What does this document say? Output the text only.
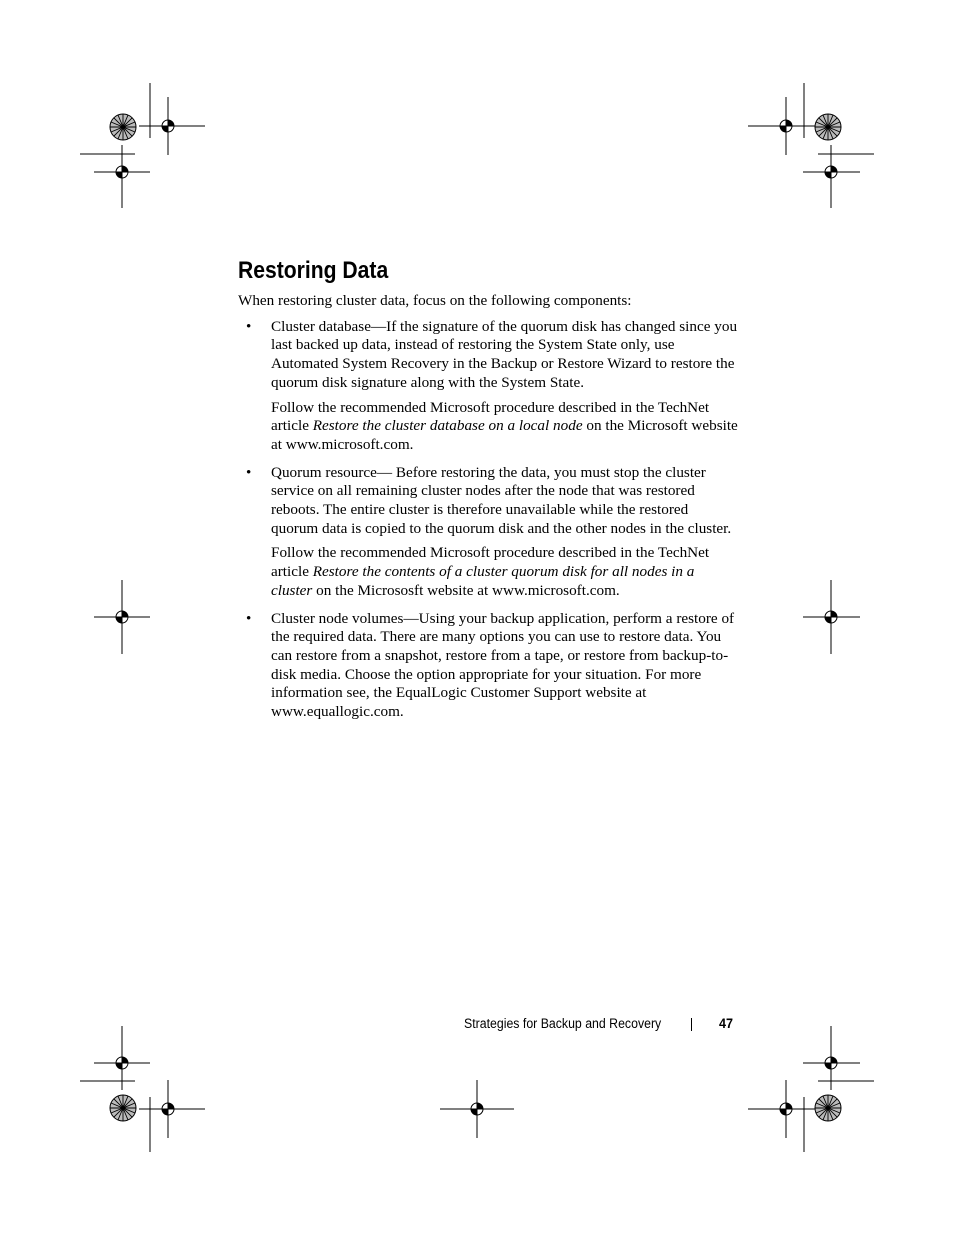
Restoring Data

When restoring cluster data, focus on the following components:

• Cluster database—If the signature of the quorum disk has changed since you last backed up data, instead of restoring the System State only, use Automated System Recovery in the Backup or Restore Wizard to restore the quorum disk signature along with the System State.

Follow the recommended Microsoft procedure described in the TechNet article Restore the cluster database on a local node on the Microsoft website at www.microsoft.com.

• Quorum resource— Before restoring the data, you must stop the cluster service on all remaining cluster nodes after the node that was restored reboots. The entire cluster is therefore unavailable while the restored quorum data is copied to the quorum disk and the other nodes in the cluster.

Follow the recommended Microsoft procedure described in the TechNet article Restore the contents of a cluster quorum disk for all nodes in a cluster on the Micrososft website at www.microsoft.com.

• Cluster node volumes—Using your backup application, perform a restore of the required data. There are many options you can use to restore data. You can restore from a snapshot, restore from a tape, or restore from backup-to-disk media. Choose the option appropriate for your situation. For more information see, the EqualLogic Customer Support website at www.equallogic.com.

Strategies for Backup and Recovery	47
